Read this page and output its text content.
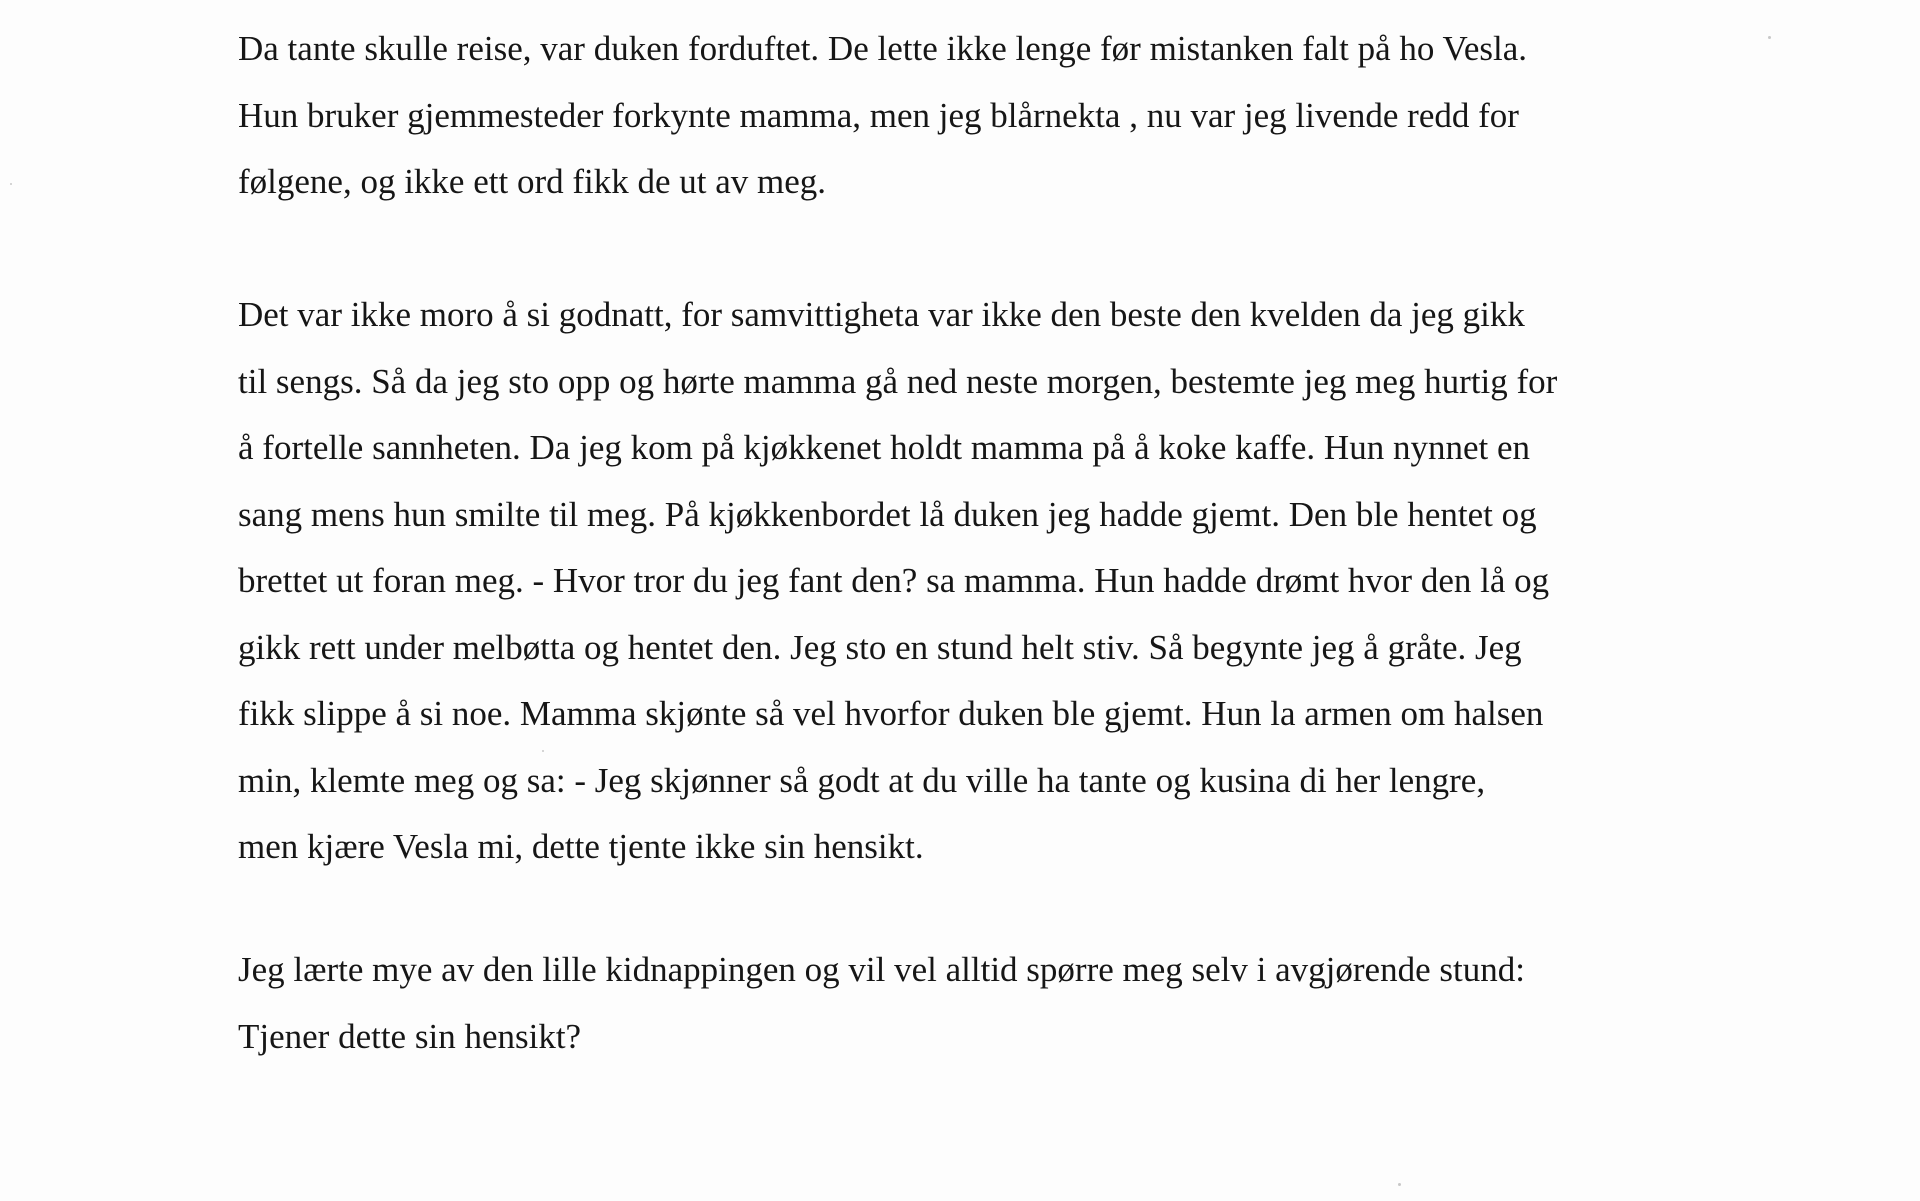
Da tante skulle reise, var duken forduftet. De lette ikke lenge før mistanken falt på ho Vesla.
Hun bruker gjemmesteder forkynte mamma, men jeg blårnekta , nu var jeg livende redd for
følgene, og ikke ett ord fikk de ut av meg.
Det var ikke moro å si godnatt, for samvittigheta var ikke den beste den kvelden da jeg gikk
til sengs. Så da jeg sto opp og hørte mamma gå ned neste morgen, bestemte jeg meg hurtig for
å fortelle sannheten. Da jeg kom på kjøkkenet holdt mamma på å koke kaffe. Hun nynnet en
sang mens hun smilte til meg. På kjøkkenbordet lå duken jeg hadde gjemt. Den ble hentet og
brettet ut foran meg. - Hvor tror du jeg fant den? sa mamma. Hun hadde drømt hvor den lå og
gikk rett under melbøtta og hentet den. Jeg sto en stund helt stiv. Så begynte jeg å gråte. Jeg
fikk slippe å si noe. Mamma skjønte så vel hvorfor duken ble gjemt. Hun la armen om halsen
min, klemte meg og sa: - Jeg skjønner så godt at du ville ha tante og kusina di her lengre,
men kjære Vesla mi, dette tjente ikke sin hensikt.
Jeg lærte mye av den lille kidnappingen og vil vel alltid spørre meg selv i avgjørende stund:
Tjener dette sin hensikt?
